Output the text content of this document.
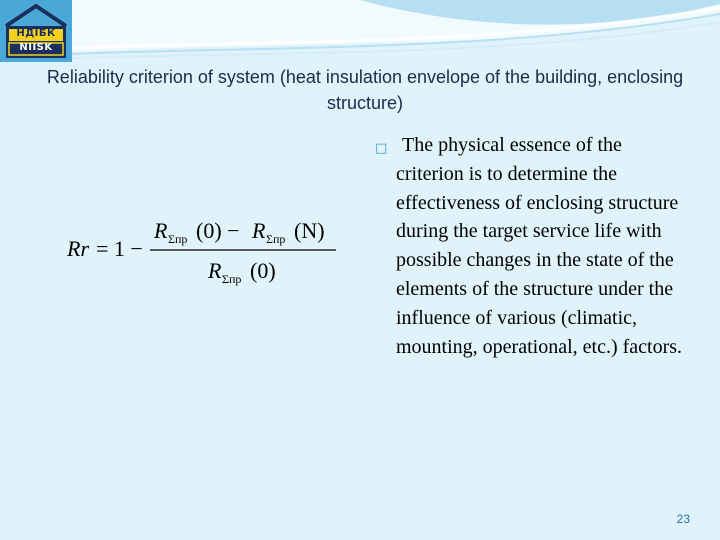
НДІБК
NIISK
Reliability criterion of system (heat insulation envelope of the building, enclosing structure)
Rr = 1 −
R Σпр (0) − R Σпр (N)
R Σпр (0)
□ The physical essence of the criterion is to determine the effectiveness of enclosing structure during the target service life with possible changes in the state of the elements of the structure under the influence of various (climatic, mounting, operational, etc.) factors.
23
